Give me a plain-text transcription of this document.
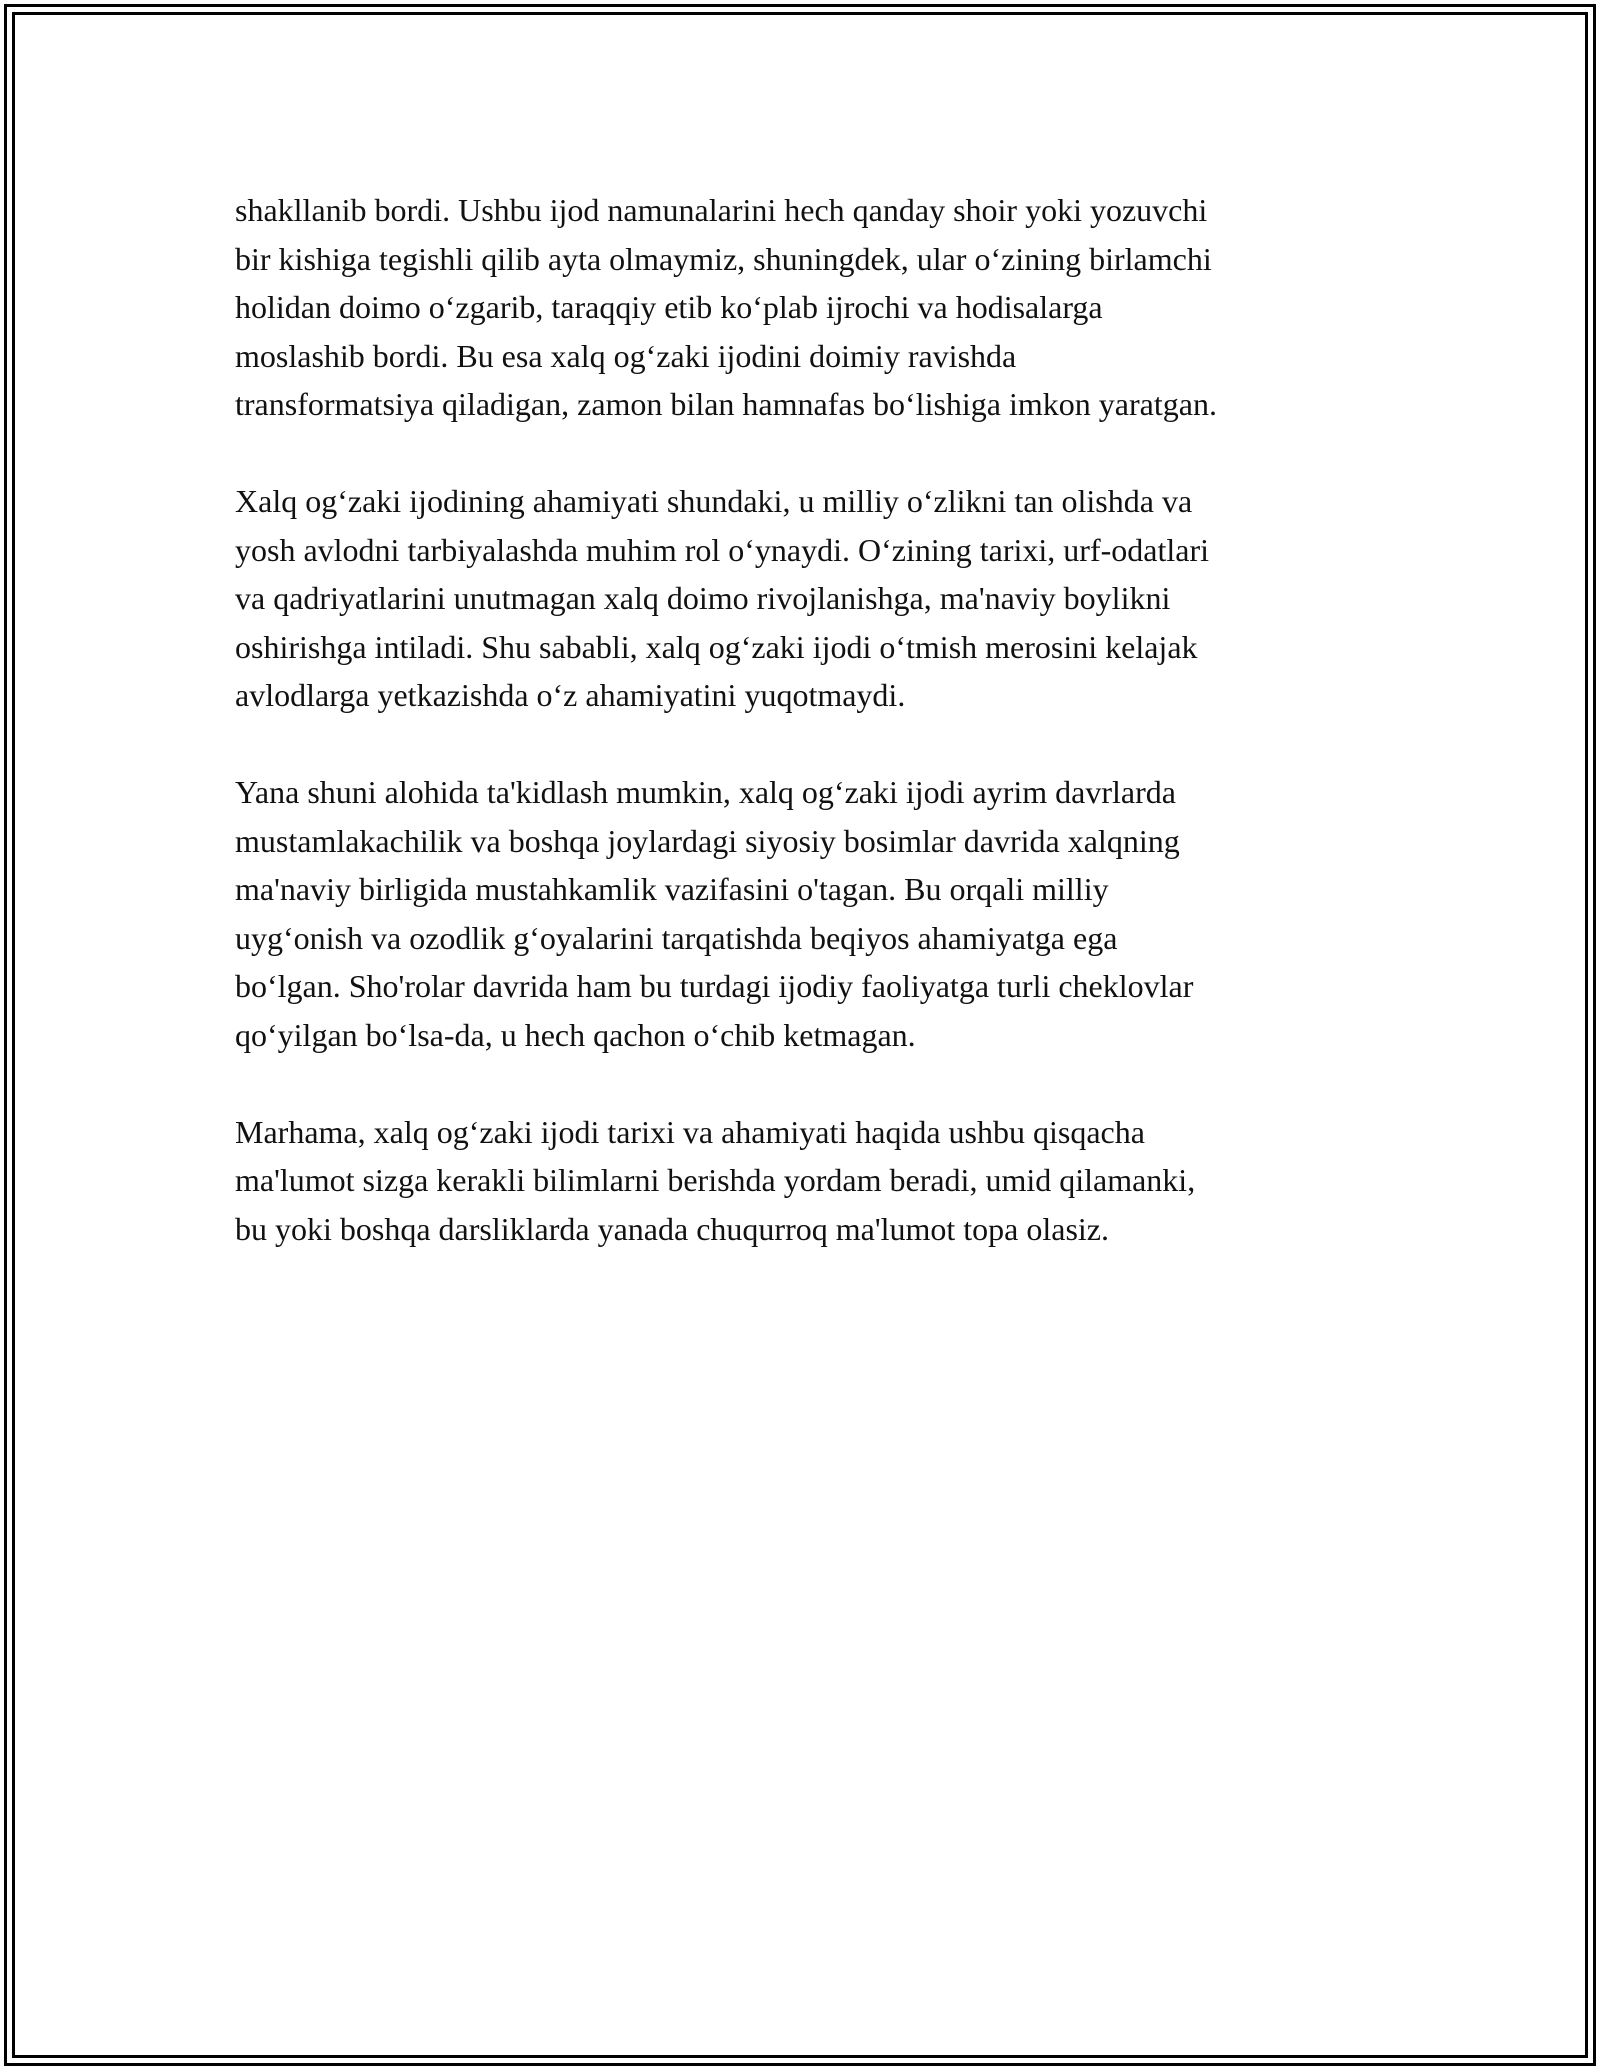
shakllanib bordi. Ushbu ijod namunalarini hech qanday shoir yoki yozuvchi
bir kishiga tegishli qilib ayta olmaymiz, shuningdek, ular o‘zining birlamchi
holidan doimo o‘zgarib, taraqqiy etib ko‘plab ijrochi va hodisalarga
moslashib bordi. Bu esa xalq og‘zaki ijodini doimiy ravishda
transformatsiya qiladigan, zamon bilan hamnafas bo‘lishiga imkon yaratgan.

Xalq og‘zaki ijodining ahamiyati shundaki, u milliy o‘zlikni tan olishda va
yosh avlodni tarbiyalashda muhim rol o‘ynaydi. O‘zining tarixi, urf-odatlari
va qadriyatlarini unutmagan xalq doimo rivojlanishga, ma'naviy boylikni
oshirishga intiladi. Shu sababli, xalq og‘zaki ijodi o‘tmish merosini kelajak
avlodlarga yetkazishda o‘z ahamiyatini yuqotmaydi.

Yana shuni alohida ta'kidlash mumkin, xalq og‘zaki ijodi ayrim davrlarda
mustamlakachilik va boshqa joylardagi siyosiy bosimlar davrida xalqning
ma'naviy birligida mustahkamlik vazifasini o'tagan. Bu orqali milliy
uyg‘onish va ozodlik g‘oyalarini tarqatishda beqiyos ahamiyatga ega
bo‘lgan. Sho'rolar davrida ham bu turdagi ijodiy faoliyatga turli cheklovlar
qo‘yilgan bo‘lsa-da, u hech qachon o‘chib ketmagan.

Marhama, xalq og‘zaki ijodi tarixi va ahamiyati haqida ushbu qisqacha
ma'lumot sizga kerakli bilimlarni berishda yordam beradi, umid qilamanki,
bu yoki boshqa darsliklarda yanada chuqurroq ma'lumot topa olasiz.
